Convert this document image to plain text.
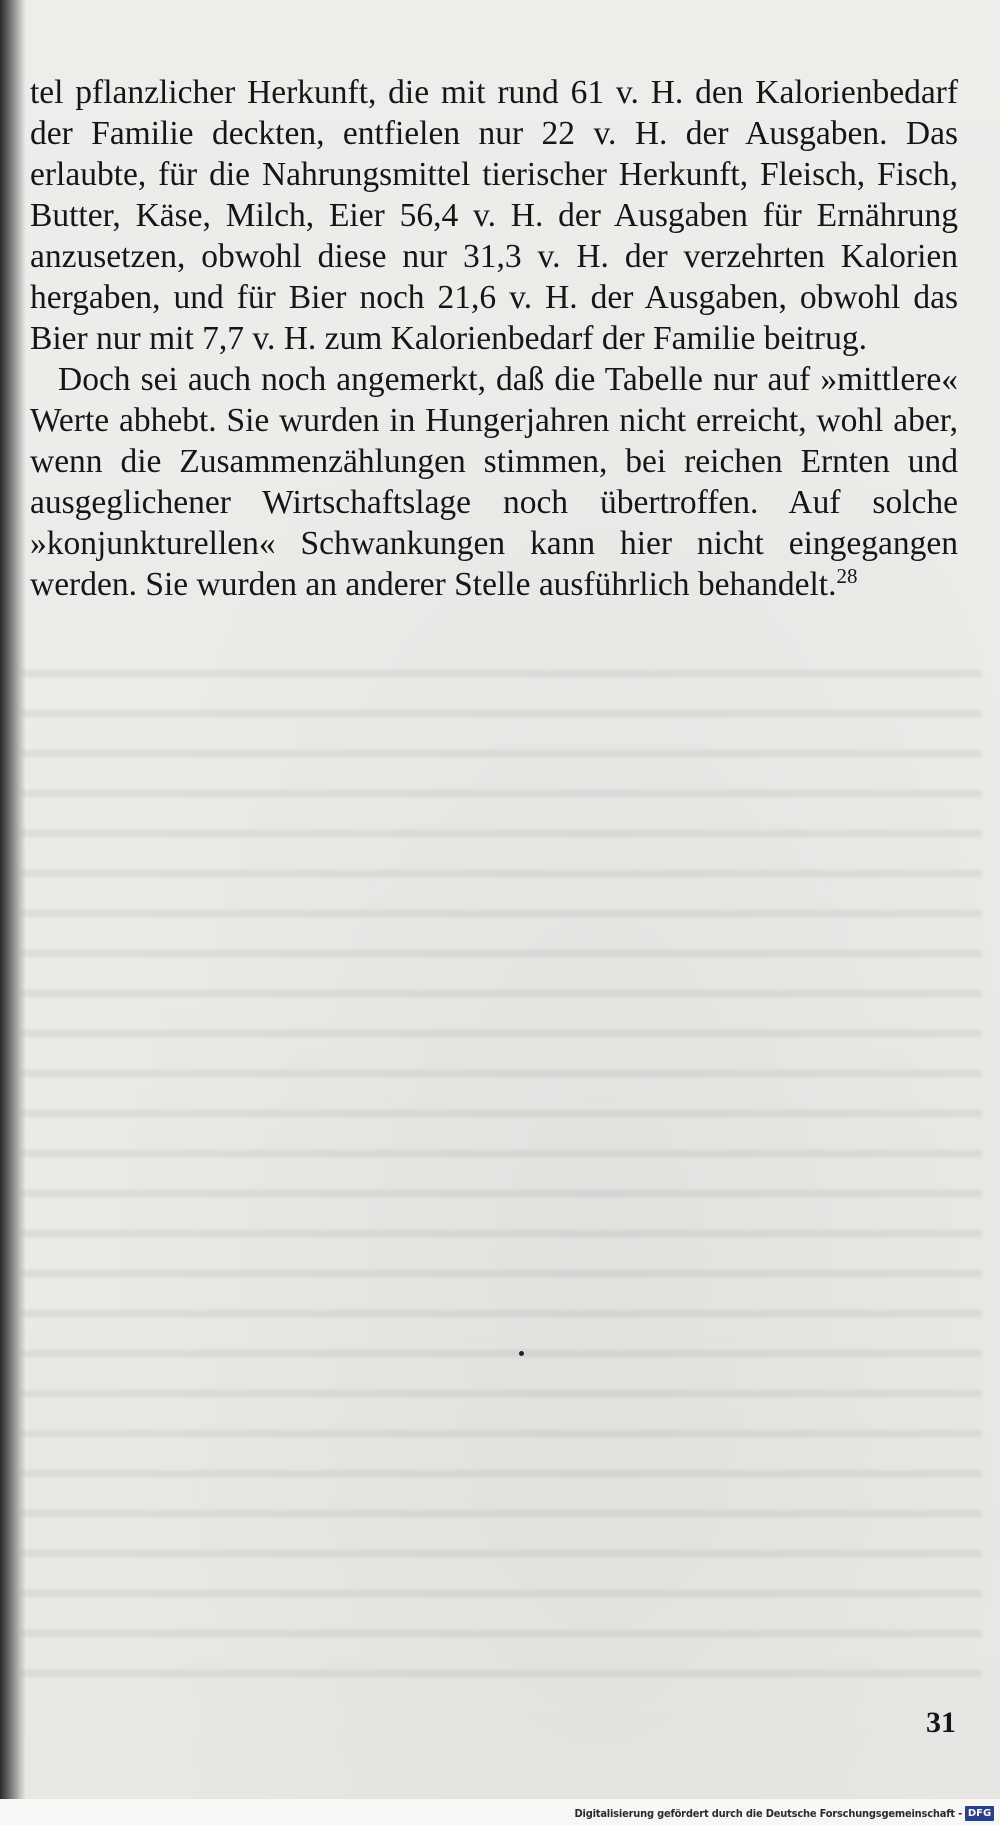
tel pflanzlicher Herkunft, die mit rund 61 v. H. den Kalorienbedarf der Familie deckten, entfielen nur 22 v. H. der Ausgaben. Das erlaubte, für die Nahrungsmittel tierischer Herkunft, Fleisch, Fisch, Butter, Käse, Milch, Eier 56,4 v. H. der Ausgaben für Ernährung anzusetzen, obwohl diese nur 31,3 v. H. der verzehrten Kalorien hergaben, und für Bier noch 21,6 v. H. der Ausgaben, obwohl das Bier nur mit 7,7 v. H. zum Kalorienbedarf der Familie beitrug.

Doch sei auch noch angemerkt, daß die Tabelle nur auf »mittlere« Werte abhebt. Sie wurden in Hungerjahren nicht erreicht, wohl aber, wenn die Zusammenzählungen stimmen, bei reichen Ernten und ausgeglichener Wirtschaftslage noch übertroffen. Auf solche »konjunkturellen« Schwankungen kann hier nicht eingegangen werden. Sie wurden an anderer Stelle ausführlich behandelt.$^{28}$

31
Digitalisierung gefördert durch die Deutsche Forschungsgemeinschaft - DFG
